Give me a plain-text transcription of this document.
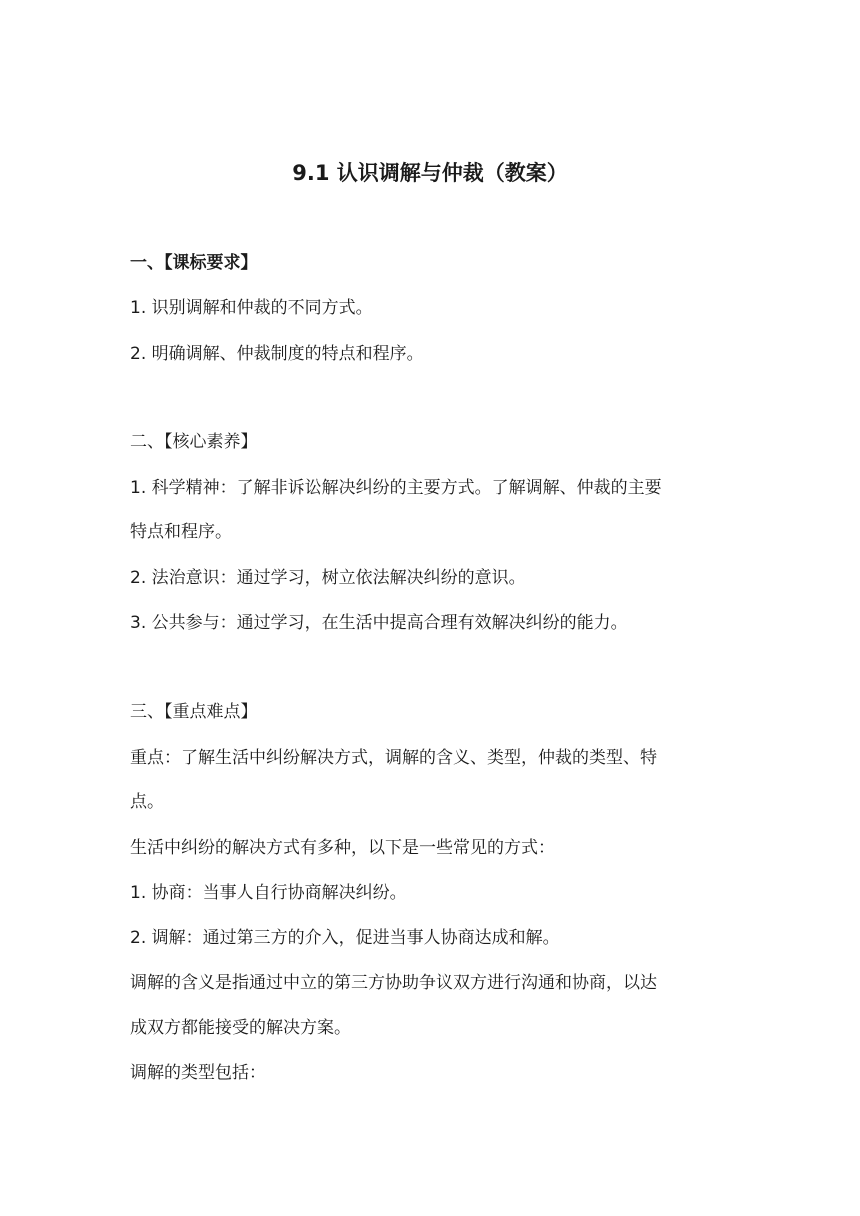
9.1 认识调解与仲裁（教案）
一、【课标要求】
1. 识别调解和仲裁的不同方式。
2. 明确调解、仲裁制度的特点和程序。
二、【核心素养】
1. 科学精神：了解非诉讼解决纠纷的主要方式。了解调解、仲裁的主要
特点和程序。
2. 法治意识：通过学习，树立依法解决纠纷的意识。
3. 公共参与：通过学习，在生活中提高合理有效解决纠纷的能力。
三、【重点难点】
重点：了解生活中纠纷解决方式，调解的含义、类型，仲裁的类型、特
点。
生活中纠纷的解决方式有多种，以下是一些常见的方式：
1. 协商：当事人自行协商解决纠纷。
2. 调解：通过第三方的介入，促进当事人协商达成和解。
调解的含义是指通过中立的第三方协助争议双方进行沟通和协商，以达
成双方都能接受的解决方案。
调解的类型包括：
